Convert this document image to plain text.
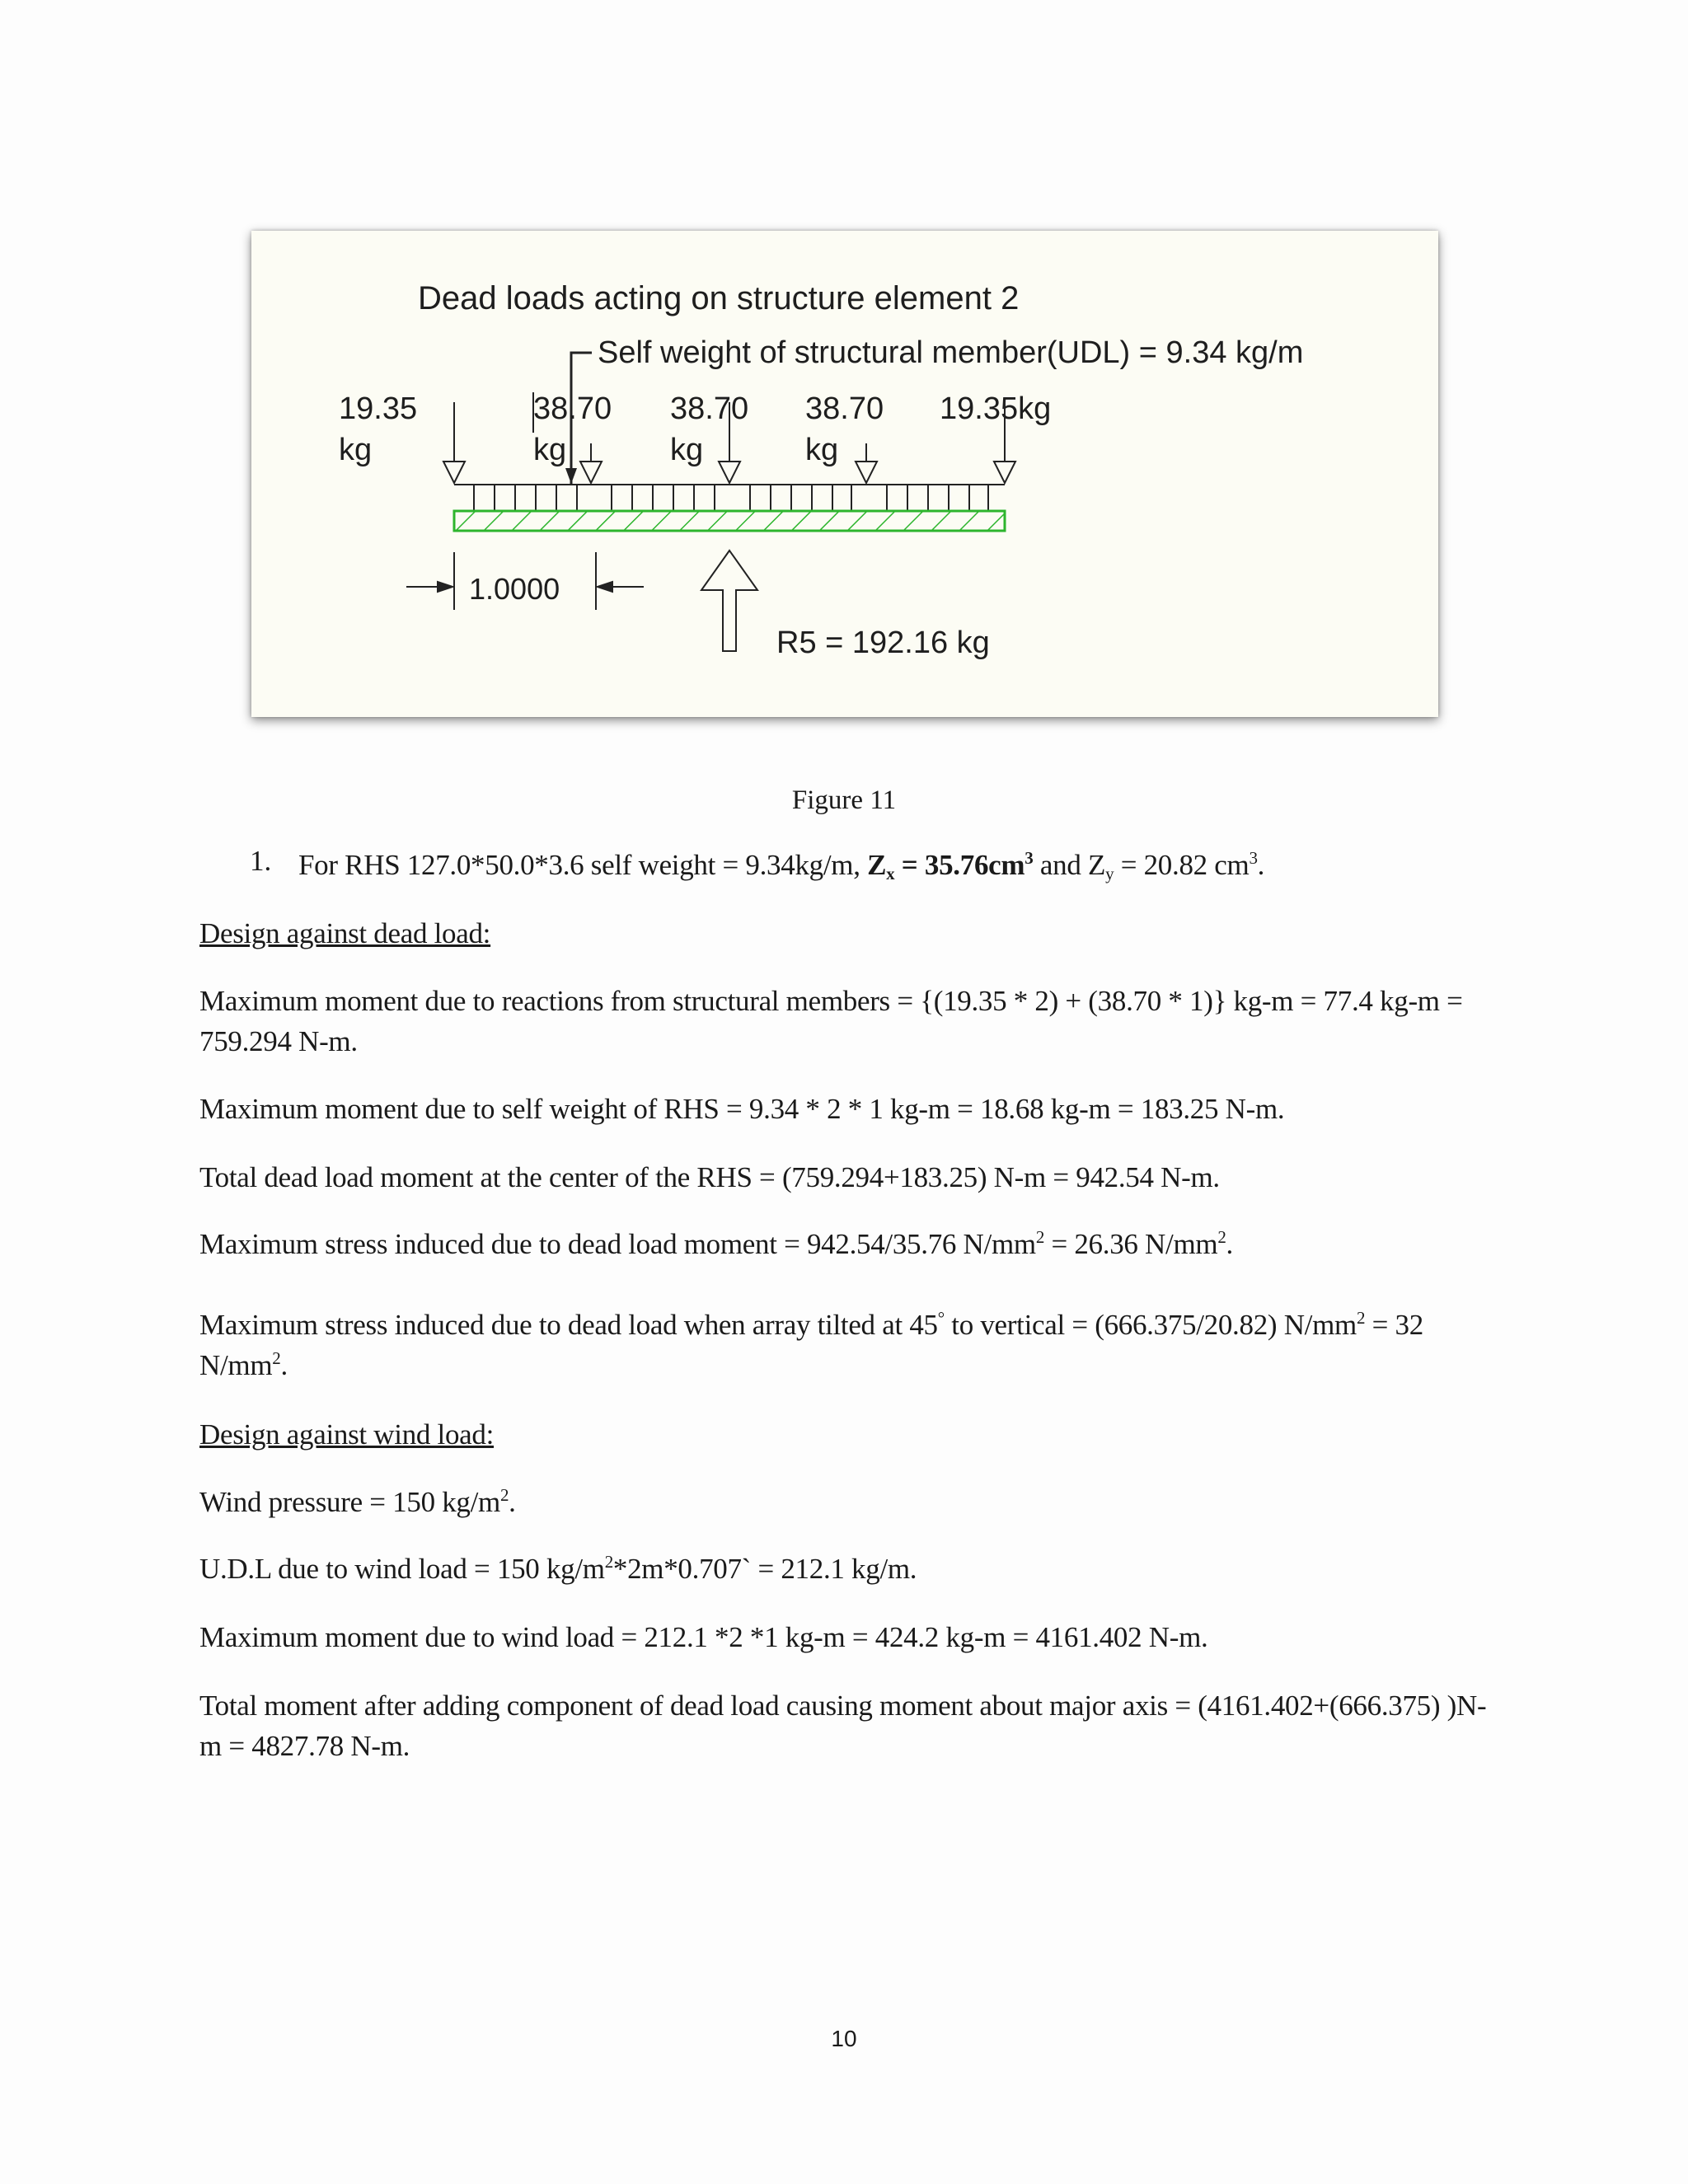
Dead loads acting on structure element 2
Self weight of structural member(UDL) = 9.34 kg/m
19.35
kg
38.70
kg
38.70
kg
38.70
kg
19.35kg
1.0000
R5 = 192.16 kg
Figure 11
1. For RHS 127.0*50.0*3.6 self weight = 9.34kg/m, $Z_x = 35.76cm^3$ and $Z_y = 20.82$ $cm^3$.
Design against dead load:
Maximum moment due to reactions from structural members = {(19.35 * 2) + (38.70 * 1)} kg-m = 77.4 kg-m = 759.294 N-m.
Maximum moment due to self weight of RHS = 9.34 * 2 * 1 kg-m = 18.68 kg-m = 183.25 N-m.
Total dead load moment at the center of the RHS = (759.294+183.25) N-m = 942.54 N-m.
Maximum stress induced due to dead load moment = 942.54/35.76 $N/mm^2 = 26.36$ $N/mm^2$.
Maximum stress induced due to dead load when array tilted at 45° to vertical = (666.375/20.82) $N/mm^2 = 32$ $N/mm^2$.
Design against wind load:
Wind pressure = 150 $kg/m^2$.
U.D.L due to wind load = 150 $kg/m^2*2m*0.707` = 212.1$ kg/m.
Maximum moment due to wind load = 212.1 *2 *1 kg-m = 424.2 kg-m = 4161.402 N-m.
Total moment after adding component of dead load causing moment about major axis = (4161.402+(666.375) )N-m = 4827.78 N-m.
10
